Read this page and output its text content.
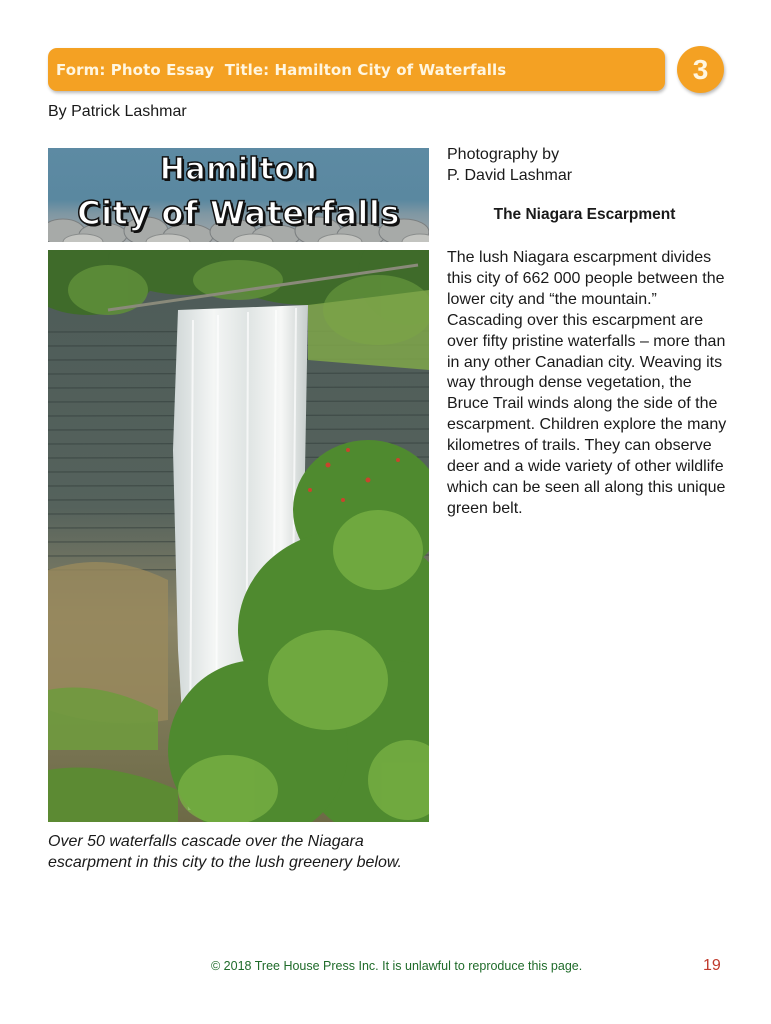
Form: Photo Essay  Title: Hamilton City of Waterfalls	3
By Patrick Lashmar
Hamilton
City of Waterfalls
Over 50 waterfalls cascade over the Niagara escarpment in this city to the lush greenery below.
Photography by
P. David Lashmar
The Niagara Escarpment
The lush Niagara escarpment divides this city of 662 000 people between the lower city and “the mountain.” Cascading over this escarpment are over fifty pristine waterfalls – more than in any other Canadian city. Weaving its way through dense vegetation, the Bruce Trail winds along the side of the escarpment. Children explore the many kilometres of trails. They can observe deer and a wide variety of other wildlife which can be seen all along this unique green belt.
© 2018 Tree House Press Inc. It is unlawful to reproduce this page.	19
